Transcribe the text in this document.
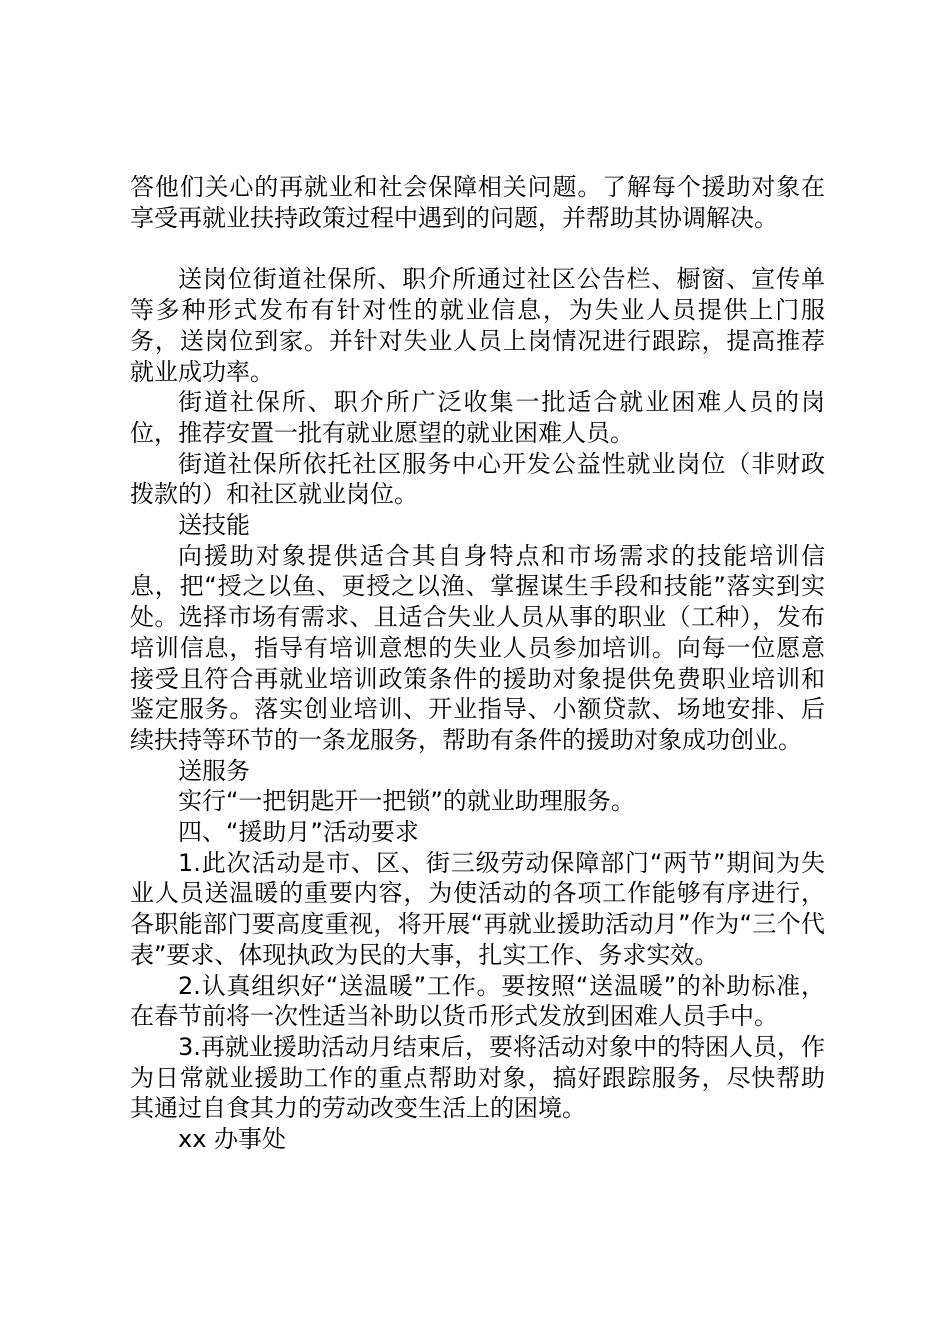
答他们关心的再就业和社会保障相关问题。了解每个援助对象在享受再就业扶持政策过程中遇到的问题，并帮助其协调解决。

送岗位街道社保所、职介所通过社区公告栏、橱窗、宣传单等多种形式发布有针对性的就业信息，为失业人员提供上门服务，送岗位到家。并针对失业人员上岗情况进行跟踪，提高推荐就业成功率。

街道社保所、职介所广泛收集一批适合就业困难人员的岗位，推荐安置一批有就业愿望的就业困难人员。

街道社保所依托社区服务中心开发公益性就业岗位（非财政拨款的）和社区就业岗位。

送技能

向援助对象提供适合其自身特点和市场需求的技能培训信息，把“授之以鱼、更授之以渔、掌握谋生手段和技能”落实到实处。选择市场有需求、且适合失业人员从事的职业（工种），发布培训信息，指导有培训意想的失业人员参加培训。向每一位愿意接受且符合再就业培训政策条件的援助对象提供免费职业培训和鉴定服务。落实创业培训、开业指导、小额贷款、场地安排、后续扶持等环节的一条龙服务，帮助有条件的援助对象成功创业。

送服务

实行“一把钥匙开一把锁”的就业助理服务。

四、“援助月”活动要求

1.此次活动是市、区、街三级劳动保障部门“两节”期间为失业人员送温暖的重要内容，为使活动的各项工作能够有序进行，各职能部门要高度重视，将开展“再就业援助活动月”作为“三个代表”要求、体现执政为民的大事，扎实工作、务求实效。

2.认真组织好“送温暖”工作。要按照“送温暖”的补助标准，在春节前将一次性适当补助以货币形式发放到困难人员手中。

3.再就业援助活动月结束后，要将活动对象中的特困人员，作为日常就业援助工作的重点帮助对象，搞好跟踪服务，尽快帮助其通过自食其力的劳动改变生活上的困境。

xx 办事处
